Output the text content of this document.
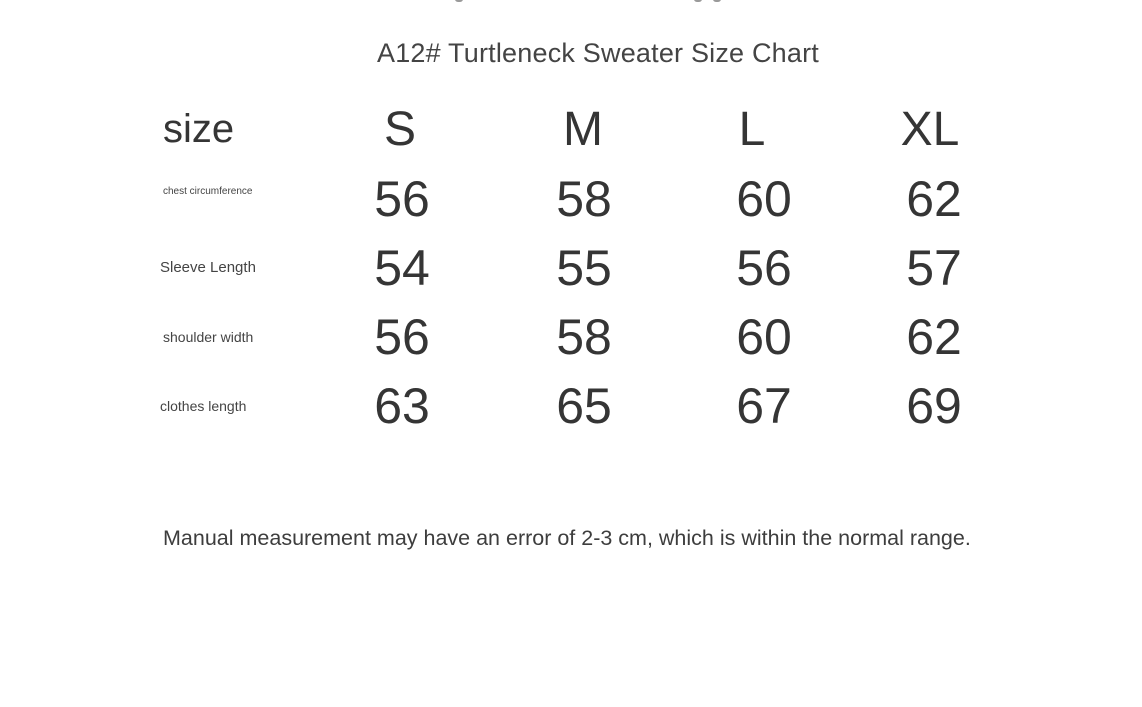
A12# Turtleneck Sweater Size Chart
size	S	M	L	XL
chest circumference	56	58	60	62
Sleeve Length	54	55	56	57
shoulder width	56	58	60	62
clothes length	63	65	67	69
Manual measurement may have an error of 2-3 cm, which is within the normal range.
